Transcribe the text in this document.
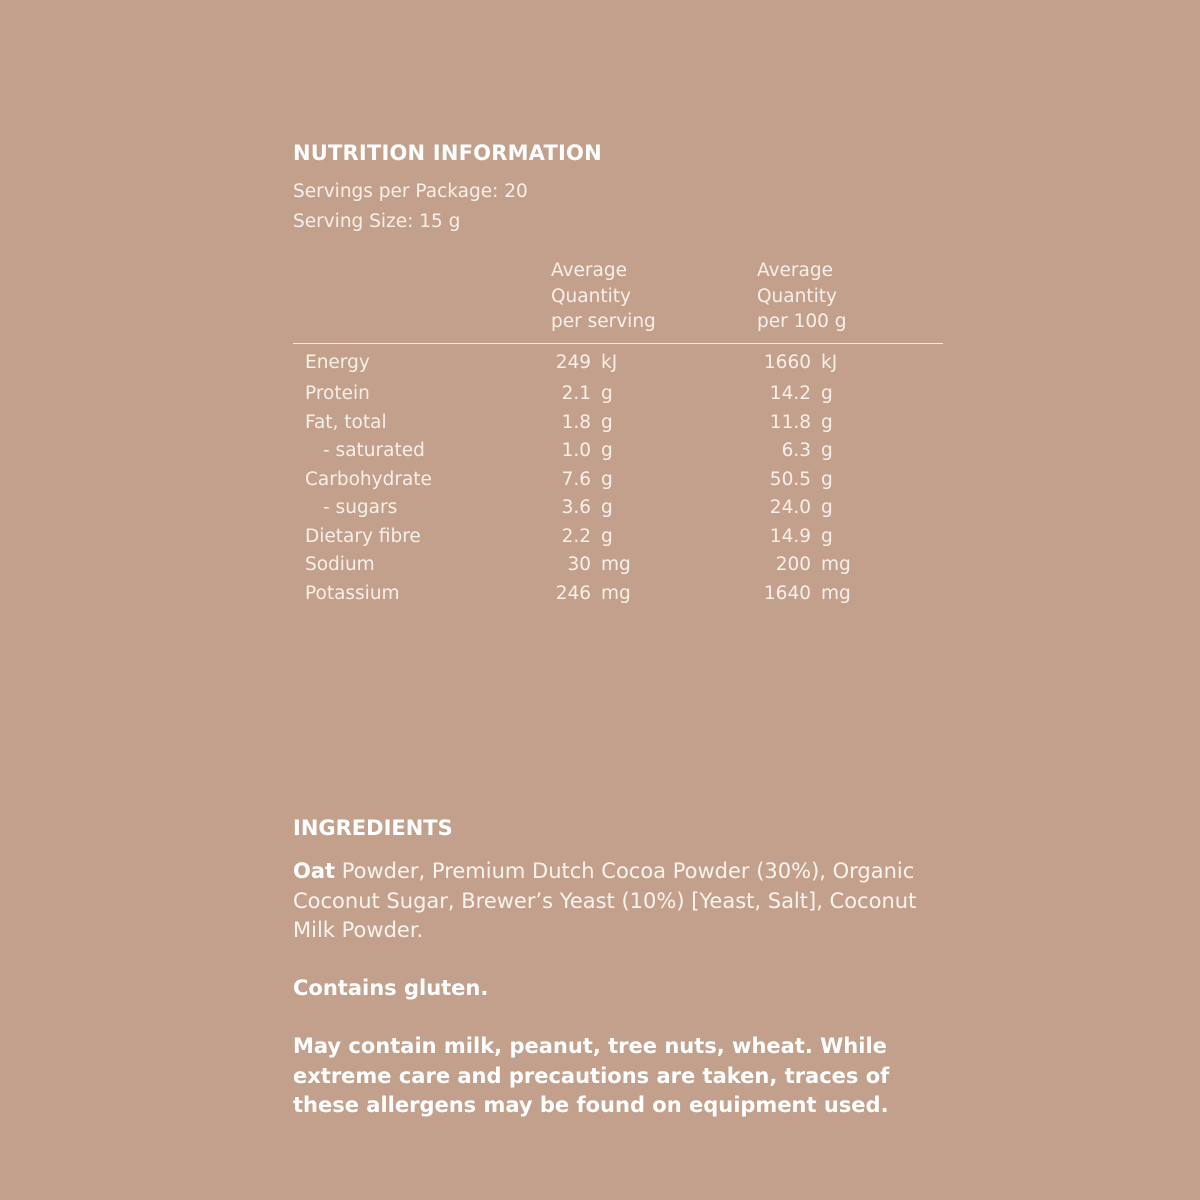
NUTRITION INFORMATION
Servings per Package: 20
Serving Size: 15 g
Average
Quantity
per serving
Average
Quantity
per 100 g
Energy	249 kJ	1660 kJ
Protein	2.1 g	14.2 g
Fat, total	1.8 g	11.8 g
- saturated	1.0 g	6.3 g
Carbohydrate	7.6 g	50.5 g
- sugars	3.6 g	24.0 g
Dietary fibre	2.2 g	14.9 g
Sodium	30 mg	200 mg
Potassium	246 mg	1640 mg
INGREDIENTS
Oat Powder, Premium Dutch Cocoa Powder (30%), Organic Coconut Sugar, Brewer’s Yeast (10%) [Yeast, Salt], Coconut Milk Powder.
Contains gluten.
May contain milk, peanut, tree nuts, wheat. While extreme care and precautions are taken, traces of these allergens may be found on equipment used.
